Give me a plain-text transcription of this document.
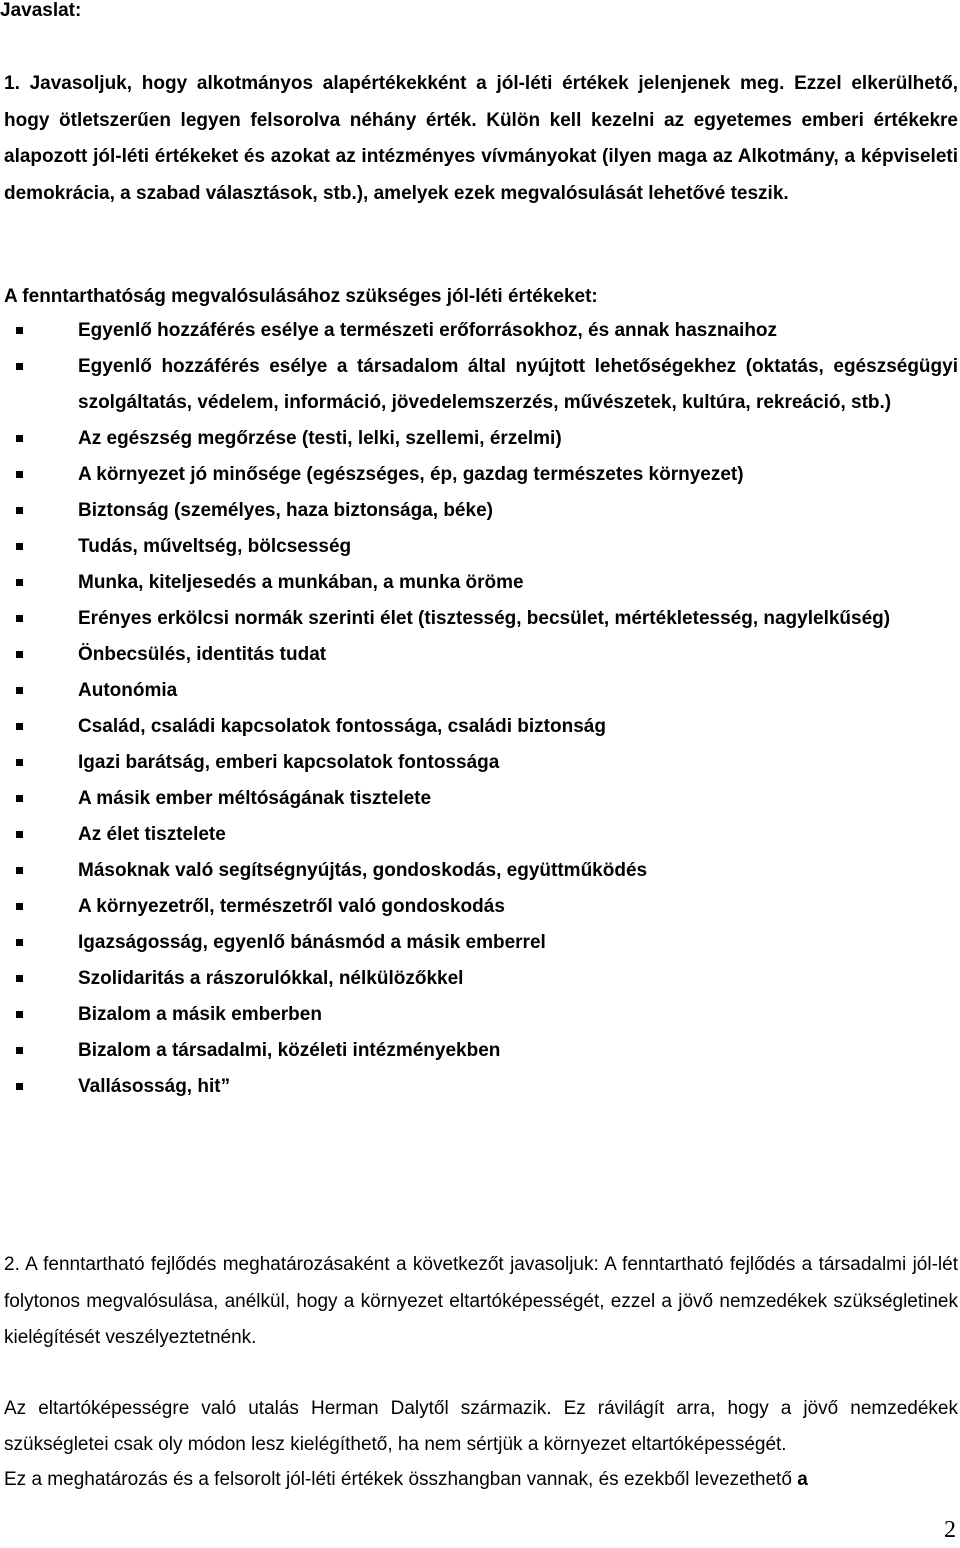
Javaslat:

1. Javasoljuk, hogy alkotmányos alapértékekként a jól-léti értékek jelenjenek meg. Ezzel elkerülhető, hogy ötletszerűen legyen felsorolva néhány érték. Külön kell kezelni az egyetemes emberi értékekre alapozott jól-léti értékeket és azokat az intézményes vívmányokat (ilyen maga az Alkotmány, a képviseleti demokrácia, a szabad választások, stb.), amelyek ezek megvalósulását lehetővé teszik.

A fenntarthatóság megvalósulásához szükséges jól-léti értékeket:
Egyenlő hozzáférés esélye a természeti erőforrásokhoz, és annak hasznaihoz
Egyenlő hozzáférés esélye a társadalom által nyújtott lehetőségekhez (oktatás, egészségügyi szolgáltatás, védelem, információ, jövedelemszerzés, művészetek, kultúra, rekreáció, stb.)
Az egészség megőrzése (testi, lelki, szellemi, érzelmi)
A környezet jó minősége (egészséges, ép, gazdag természetes környezet)
Biztonság (személyes, haza biztonsága, béke)
Tudás, műveltség, bölcsesség
Munka, kiteljesedés a munkában, a munka öröme
Erényes erkölcsi normák szerinti élet (tisztesség, becsület, mértékletesség, nagylelkűség)
Önbecsülés, identitás tudat
Autonómia
Család, családi kapcsolatok fontossága, családi biztonság
Igazi barátság, emberi kapcsolatok fontossága
A másik ember méltóságának tisztelete
Az élet tisztelete
Másoknak való segítségnyújtás, gondoskodás, együttműködés
A környezetről, természetről való gondoskodás
Igazságosság, egyenlő bánásmód a másik emberrel
Szolidaritás a rászorulókkal, nélkülözőkkel
Bizalom a másik emberben
Bizalom a társadalmi, közéleti intézményekben
Vallásosság, hit”

2. A fenntartható fejlődés meghatározásaként a következőt javasoljuk: A fenntartható fejlődés a társadalmi jól-lét folytonos megvalósulása, anélkül, hogy a környezet eltartóképességét, ezzel a jövő nemzedékek szükségletinek kielégítését veszélyeztetnénk.

Az eltartóképességre való utalás Herman Dalytől származik. Ez rávilágít arra, hogy a jövő nemzedékek szükségletei csak oly módon lesz kielégíthető, ha nem sértjük a környezet eltartóképességét.

Ez a meghatározás és a felsorolt jól-léti értékek összhangban vannak, és ezekből levezethető a

2
